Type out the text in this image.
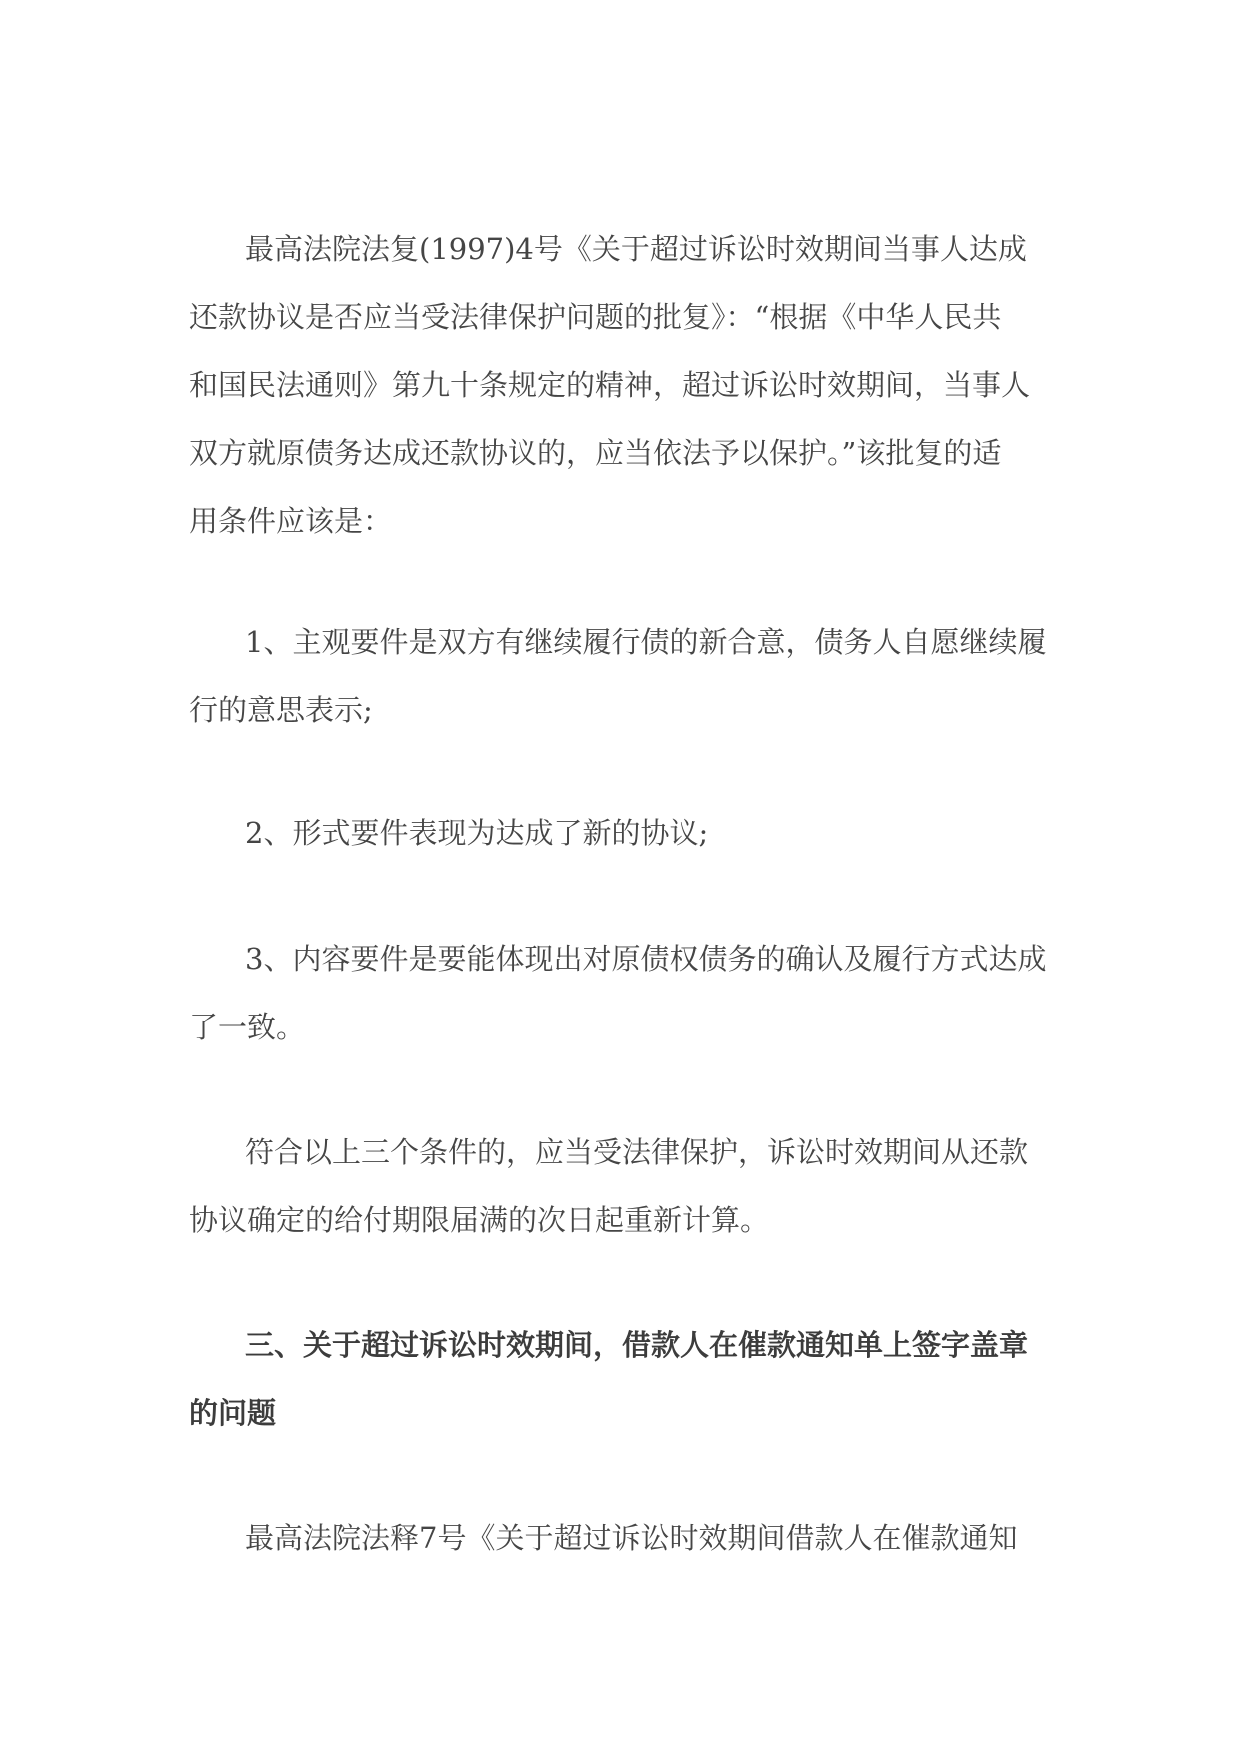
最高法院法复(1997)4号《关于超过诉讼时效期间当事人达成

还款协议是否应当受法律保护问题的批复》：“根据《中华人民共

和国民法通则》第九十条规定的精神，超过诉讼时效期间，当事人

双方就原债务达成还款协议的，应当依法予以保护。”该批复的适

用条件应该是：

1、主观要件是双方有继续履行债的新合意，债务人自愿继续履

行的意思表示;

2、形式要件表现为达成了新的协议;

3、内容要件是要能体现出对原债权债务的确认及履行方式达成

了一致。

符合以上三个条件的，应当受法律保护，诉讼时效期间从还款

协议确定的给付期限届满的次日起重新计算。

三、关于超过诉讼时效期间，借款人在催款通知单上签字盖章

的问题

最高法院法释7号《关于超过诉讼时效期间借款人在催款通知
